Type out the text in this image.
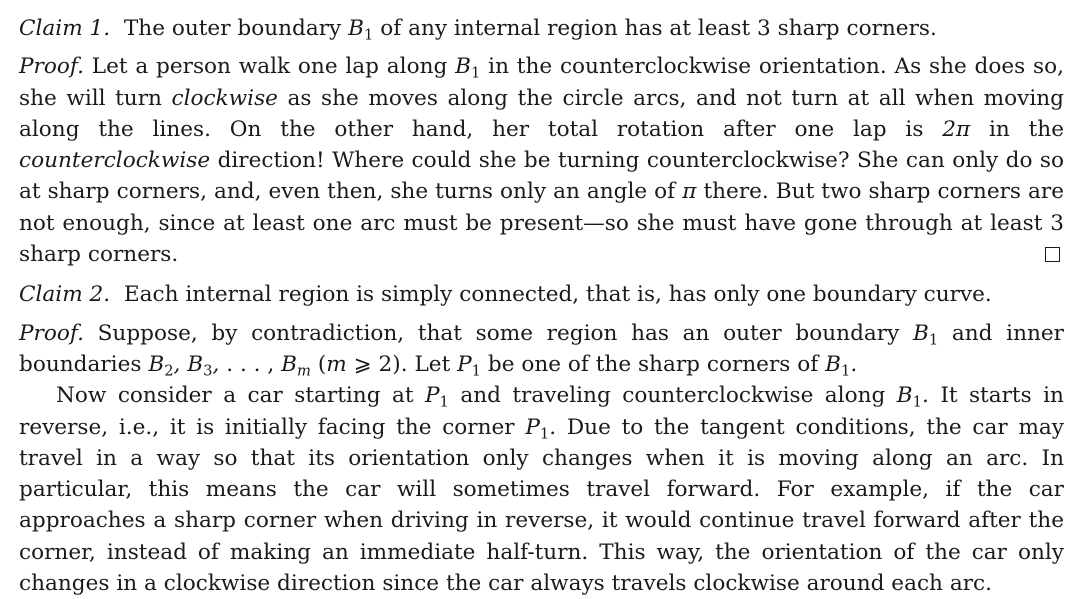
Claim 1. The outer boundary $B_1$ of any internal region has at least 3 sharp corners.

Proof. Let a person walk one lap along $B_1$ in the counterclockwise orientation. As she does so, she will turn clockwise as she moves along the circle arcs, and not turn at all when moving along the lines. On the other hand, her total rotation after one lap is 2π in the counterclockwise direction! Where could she be turning counterclockwise? She can only do so at sharp corners, and, even then, she turns only an angle of π there. But two sharp corners are not enough, since at least one arc must be present—so she must have gone through at least 3 sharp corners.

Claim 2. Each internal region is simply connected, that is, has only one boundary curve.

Proof. Suppose, by contradiction, that some region has an outer boundary $B_1$ and inner boundaries $B_2$, $B_3$, . . . , $B_m$ (m ⩾ 2). Let $P_1$ be one of the sharp corners of $B_1$.

Now consider a car starting at $P_1$ and traveling counterclockwise along $B_1$. It starts in reverse, i.e., it is initially facing the corner $P_1$. Due to the tangent conditions, the car may travel in a way so that its orientation only changes when it is moving along an arc. In particular, this means the car will sometimes travel forward. For example, if the car approaches a sharp corner when driving in reverse, it would continue travel forward after the corner, instead of making an immediate half-turn. This way, the orientation of the car only changes in a clockwise direction since the car always travels clockwise around each arc.
